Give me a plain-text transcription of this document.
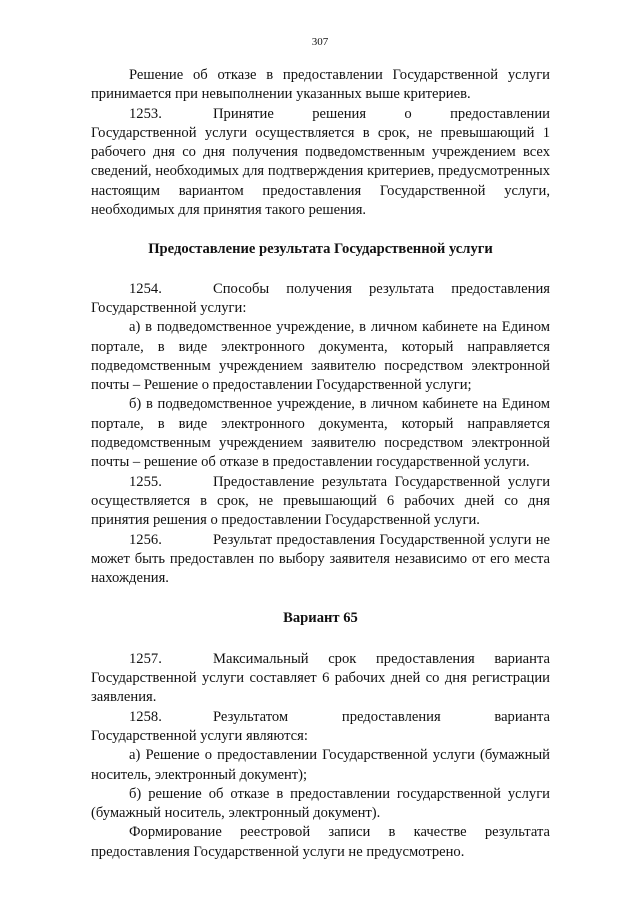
307

Решение об отказе в предоставлении Государственной услуги принимается при невыполнении указанных выше критериев.

1253.	Принятие решения о предоставлении Государственной услуги осуществляется в срок, не превышающий 1 рабочего дня со дня получения подведомственным учреждением всех сведений, необходимых для подтверждения критериев, предусмотренных настоящим вариантом предоставления Государственной услуги, необходимых для принятия такого решения.

Предоставление результата Государственной услуги

1254.	Способы получения результата предоставления Государственной услуги:

а) в подведомственное учреждение, в личном кабинете на Едином портале, в виде электронного документа, который направляется подведомственным учреждением заявителю посредством электронной почты – Решение о предоставлении Государственной услуги;

б) в подведомственное учреждение, в личном кабинете на Едином портале, в виде электронного документа, который направляется подведомственным учреждением заявителю посредством электронной почты – решение об отказе в предоставлении государственной услуги.

1255.	Предоставление результата Государственной услуги осуществляется в срок, не превышающий 6 рабочих дней со дня принятия решения о предоставлении Государственной услуги.

1256.	Результат предоставления Государственной услуги не может быть предоставлен по выбору заявителя независимо от его места нахождения.

Вариант 65

1257.	Максимальный срок предоставления варианта Государственной услуги составляет 6 рабочих дней со дня регистрации заявления.

1258.	Результатом предоставления варианта Государственной услуги являются:

а) Решение о предоставлении Государственной услуги (бумажный носитель, электронный документ);

б) решение об отказе в предоставлении государственной услуги (бумажный носитель, электронный документ).

Формирование реестровой записи в качестве результата предоставления Государственной услуги не предусмотрено.
